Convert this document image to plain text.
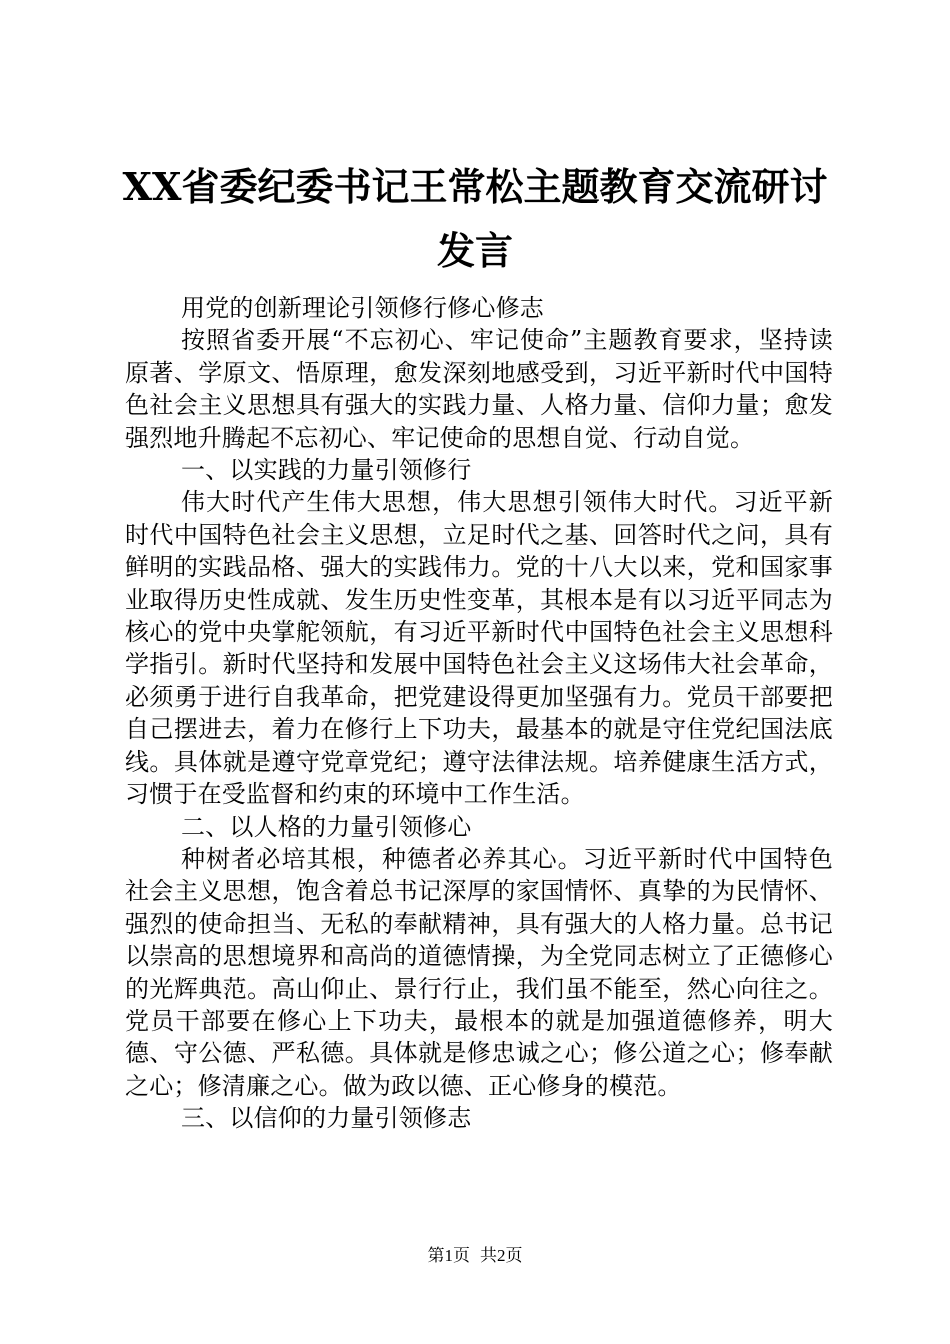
XX省委纪委书记王常松主题教育交流研讨发言

用党的创新理论引领修行修心修志

按照省委开展“不忘初心、牢记使命”主题教育要求，坚持读原著、学原文、悟原理，愈发深刻地感受到，习近平新时代中国特色社会主义思想具有强大的实践力量、人格力量、信仰力量；愈发强烈地升腾起不忘初心、牢记使命的思想自觉、行动自觉。

一、以实践的力量引领修行

伟大时代产生伟大思想，伟大思想引领伟大时代。习近平新时代中国特色社会主义思想，立足时代之基、回答时代之问，具有鲜明的实践品格、强大的实践伟力。党的十八大以来，党和国家事业取得历史性成就、发生历史性变革，其根本是有以习近平同志为核心的党中央掌舵领航，有习近平新时代中国特色社会主义思想科学指引。新时代坚持和发展中国特色社会主义这场伟大社会革命，必须勇于进行自我革命，把党建设得更加坚强有力。党员干部要把自己摆进去，着力在修行上下功夫，最基本的就是守住党纪国法底线。具体就是遵守党章党纪；遵守法律法规。培养健康生活方式，习惯于在受监督和约束的环境中工作生活。

二、以人格的力量引领修心

种树者必培其根，种德者必养其心。习近平新时代中国特色社会主义思想，饱含着总书记深厚的家国情怀、真挚的为民情怀、强烈的使命担当、无私的奉献精神，具有强大的人格力量。总书记以崇高的思想境界和高尚的道德情操，为全党同志树立了正德修心的光辉典范。高山仰止、景行行止，我们虽不能至，然心向往之。党员干部要在修心上下功夫，最根本的就是加强道德修养，明大德、守公德、严私德。具体就是修忠诚之心；修公道之心；修奉献之心；修清廉之心。做为政以德、正心修身的模范。

三、以信仰的力量引领修志

第1页 共2页
